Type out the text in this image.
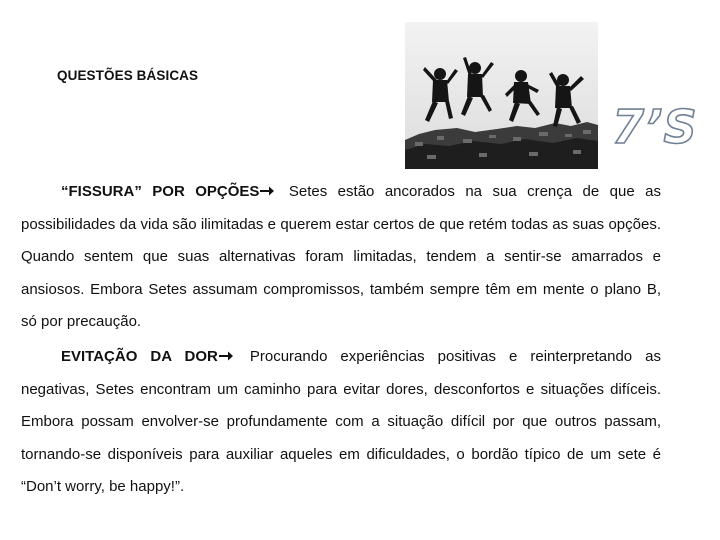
QUESTÕES BÁSICAS
7’S
“FISSURA” POR OPÇÕES Setes estão ancorados na sua crença de que as possibilidades da vida são ilimitadas e querem estar certos de que retém todas as suas opções. Quando sentem que suas alternativas foram limitadas, tendem a sentir-se amarrados e ansiosos. Embora Setes assumam compromissos, também sempre têm em mente o plano B, só por precaução.
EVITAÇÃO DA DOR Procurando experiências positivas e reinterpretando as negativas, Setes encontram um caminho para evitar dores, desconfortos e situações difíceis. Embora possam envolver-se profundamente com a situação difícil por que outros passam, tornando-se disponíveis para auxiliar aqueles em dificuldades, o bordão típico de um sete é “Don’t worry, be happy!”.
